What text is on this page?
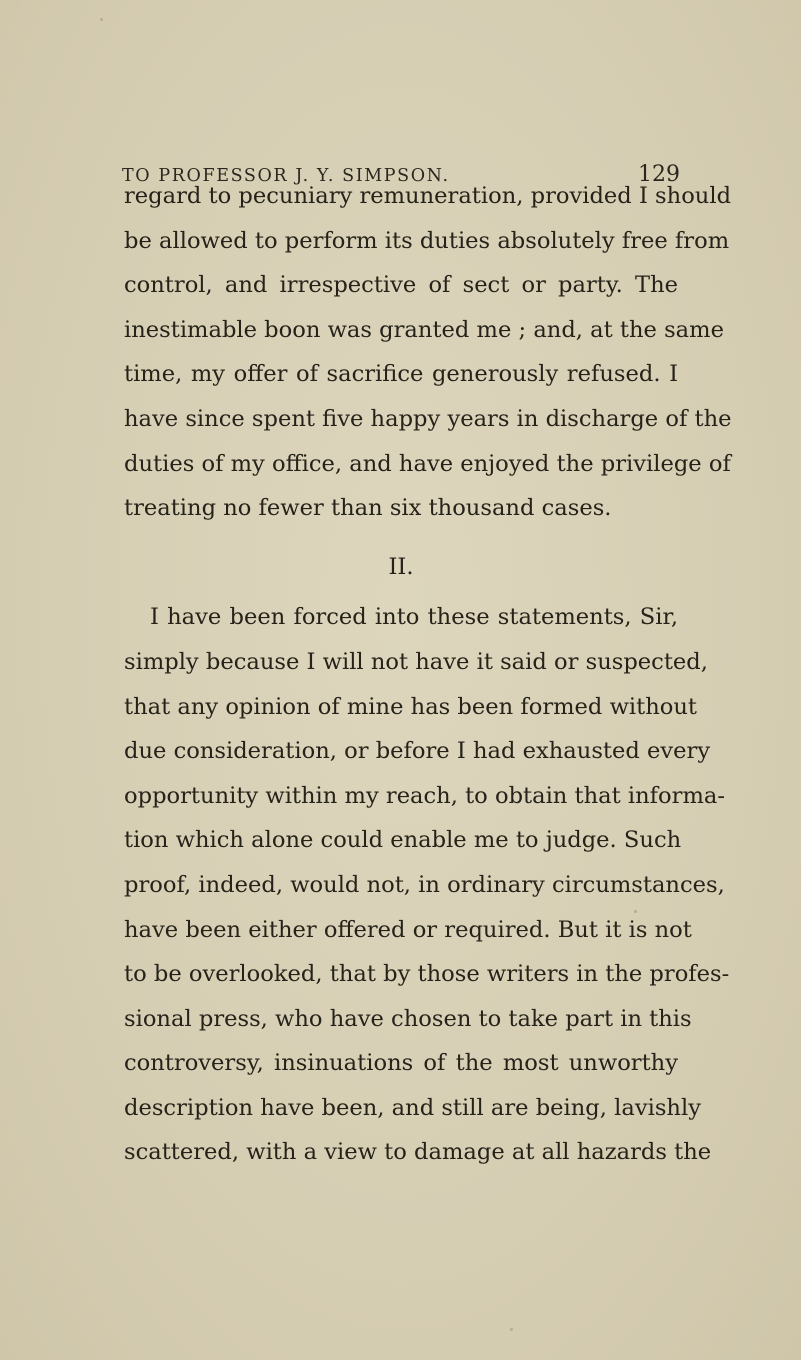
TO PROFESSOR J. Y. SIMPSON.	129
regard to pecuniary remuneration, provided I should
be allowed to perform its duties absolutely free from
control, and irrespective of sect or party. The
inestimable boon was granted me ; and, at the same
time, my offer of sacrifice generously refused. I
have since spent five happy years in discharge of the
duties of my office, and have enjoyed the privilege of
treating no fewer than six thousand cases.
II.
I have been forced into these statements, Sir,
simply because I will not have it said or suspected,
that any opinion of mine has been formed without
due consideration, or before I had exhausted every
opportunity within my reach, to obtain that informa-
tion which alone could enable me to judge. Such
proof, indeed, would not, in ordinary circumstances,
have been either offered or required. But it is not
to be overlooked, that by those writers in the profes-
sional press, who have chosen to take part in this
controversy, insinuations of the most unworthy
description have been, and still are being, lavishly
scattered, with a view to damage at all hazards the
